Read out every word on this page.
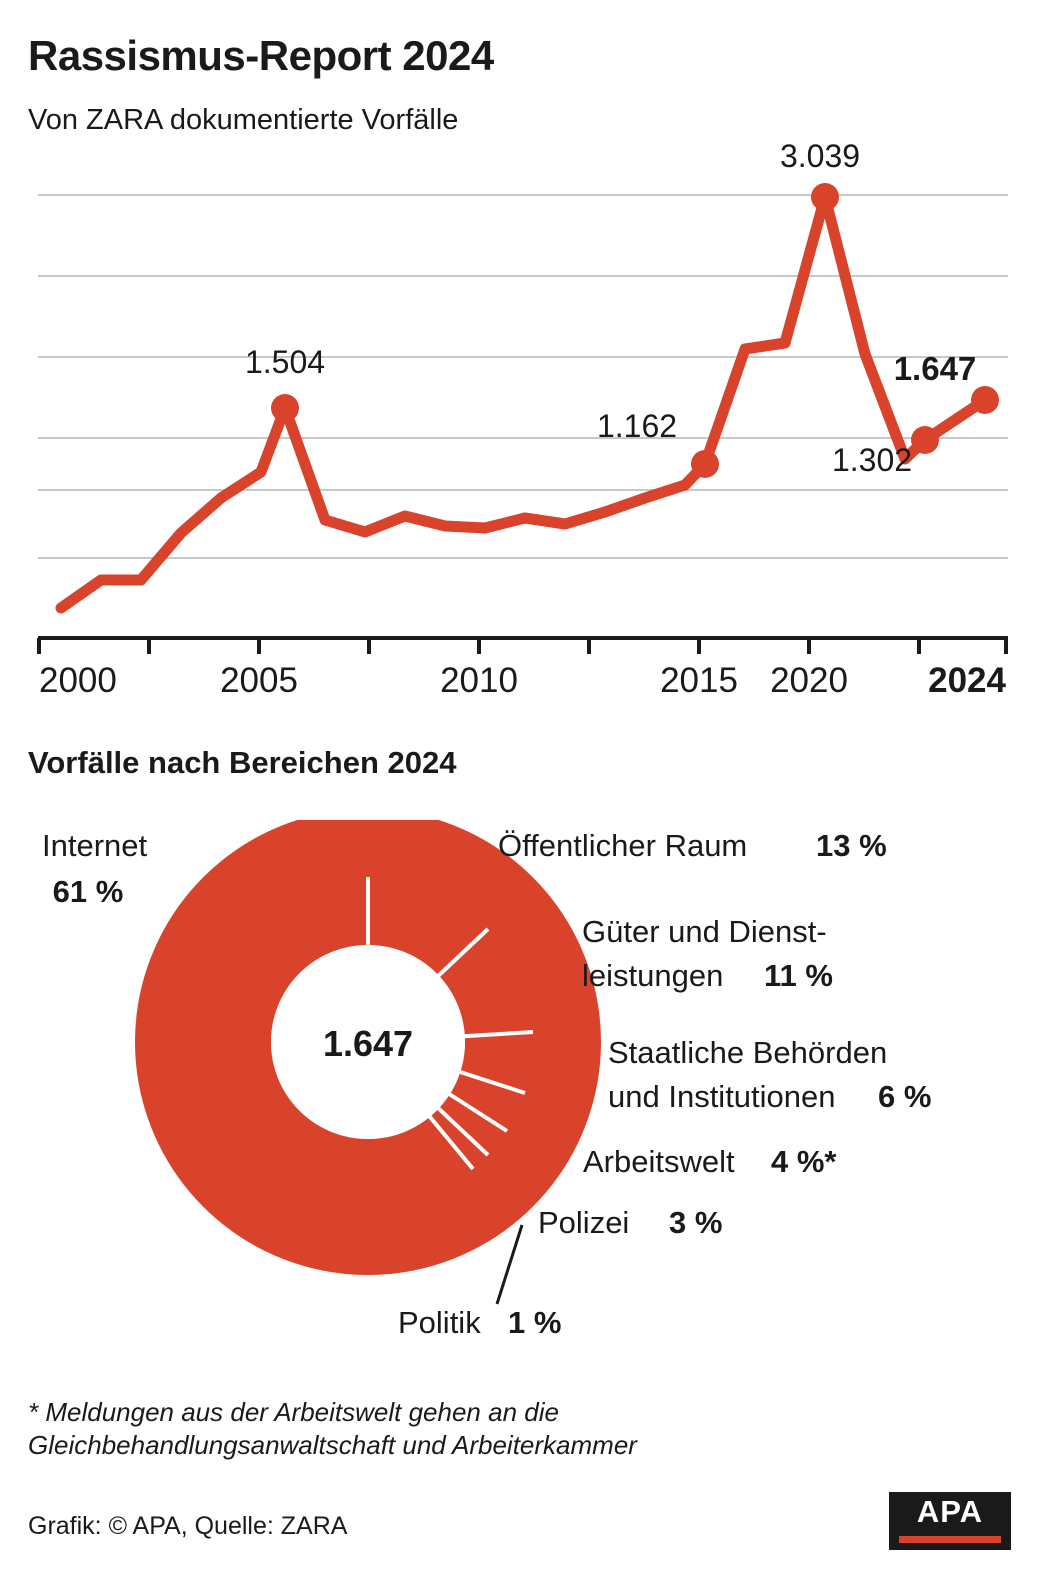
Rassismus-Report 2024
Von ZARA dokumentierte Vorfälle
1.504
1.162
3.039
1.302
1.647
2000	2005	2010	2015 2020 2024
Vorfälle nach Bereichen 2024
1.647
Internet
61 %
Öffentlicher Raum 13 %
Güter und Dienst-
leistungen 11 %
Staatliche Behörden
und Institutionen 6 %
Arbeitswelt 4 %*
Polizei 3 %
Politik 1 %
* Meldungen aus der Arbeitswelt gehen an die Gleichbehandlungsanwaltschaft und Arbeiterkammer
Grafik: © APA, Quelle: ZARA	APA
